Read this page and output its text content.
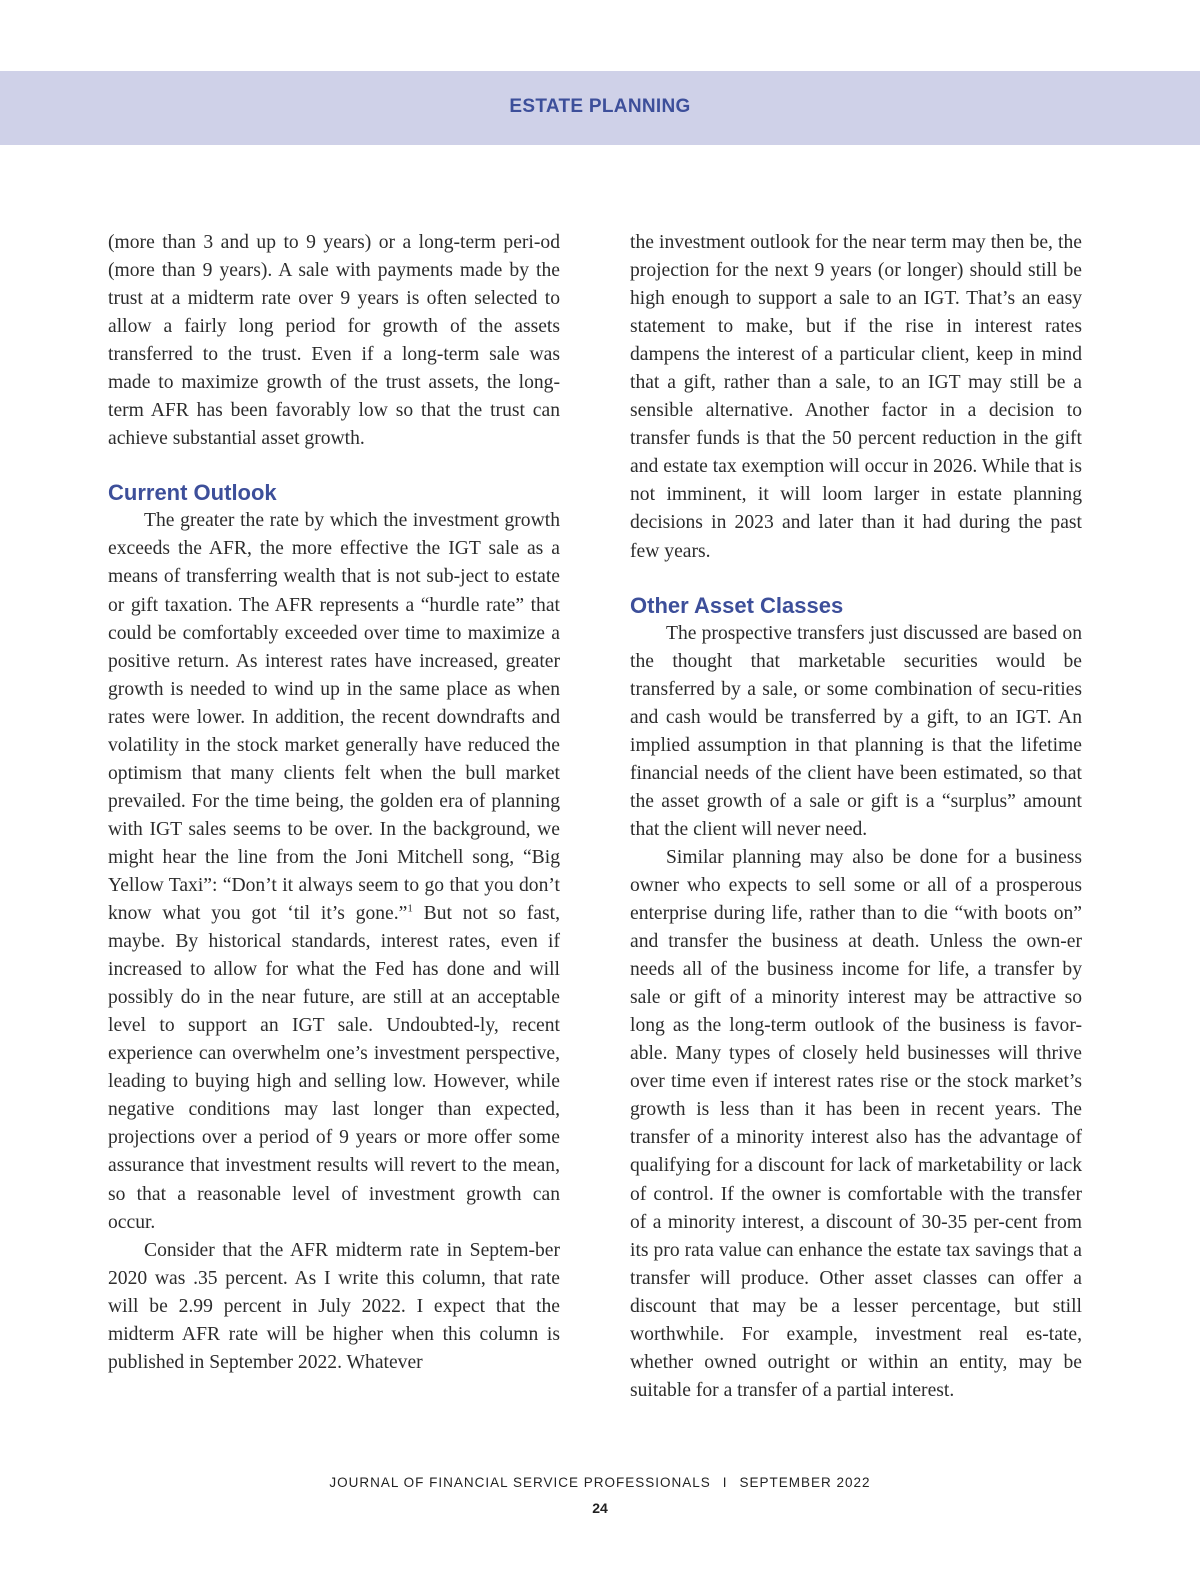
ESTATE PLANNING

(more than 3 and up to 9 years) or a long-term peri-od (more than 9 years). A sale with payments made by the trust at a midterm rate over 9 years is often selected to allow a fairly long period for growth of the assets transferred to the trust. Even if a long-term sale was made to maximize growth of the trust assets, the long-term AFR has been favorably low so that the trust can achieve substantial asset growth.

Current Outlook

The greater the rate by which the investment growth exceeds the AFR, the more effective the IGT sale as a means of transferring wealth that is not sub-ject to estate or gift taxation. The AFR represents a “hurdle rate” that could be comfortably exceeded over time to maximize a positive return. As interest rates have increased, greater growth is needed to wind up in the same place as when rates were lower. In addition, the recent downdrafts and volatility in the stock market generally have reduced the optimism that many clients felt when the bull market prevailed. For the time being, the golden era of planning with IGT sales seems to be over. In the background, we might hear the line from the Joni Mitchell song, “Big Yellow Taxi”: “Don’t it always seem to go that you don’t know what you got ‘til it’s gone.”$^1$ But not so fast, maybe. By historical standards, interest rates, even if increased to allow for what the Fed has done and will possibly do in the near future, are still at an acceptable level to support an IGT sale. Undoubted-ly, recent experience can overwhelm one’s investment perspective, leading to buying high and selling low. However, while negative conditions may last longer than expected, projections over a period of 9 years or more offer some assurance that investment results will revert to the mean, so that a reasonable level of investment growth can occur.

Consider that the AFR midterm rate in Septem-ber 2020 was .35 percent. As I write this column, that rate will be 2.99 percent in July 2022. I expect that the midterm AFR rate will be higher when this column is published in September 2022. Whatever

the investment outlook for the near term may then be, the projection for the next 9 years (or longer) should still be high enough to support a sale to an IGT. That’s an easy statement to make, but if the rise in interest rates dampens the interest of a particular client, keep in mind that a gift, rather than a sale, to an IGT may still be a sensible alternative. Another factor in a decision to transfer funds is that the 50 percent reduction in the gift and estate tax exemption will occur in 2026. While that is not imminent, it will loom larger in estate planning decisions in 2023 and later than it had during the past few years.

Other Asset Classes

The prospective transfers just discussed are based on the thought that marketable securities would be transferred by a sale, or some combination of secu-rities and cash would be transferred by a gift, to an IGT. An implied assumption in that planning is that the lifetime financial needs of the client have been estimated, so that the asset growth of a sale or gift is a “surplus” amount that the client will never need.

Similar planning may also be done for a business owner who expects to sell some or all of a prosperous enterprise during life, rather than to die “with boots on” and transfer the business at death. Unless the own-er needs all of the business income for life, a transfer by sale or gift of a minority interest may be attractive so long as the long-term outlook of the business is favor-able. Many types of closely held businesses will thrive over time even if interest rates rise or the stock market’s growth is less than it has been in recent years. The transfer of a minority interest also has the advantage of qualifying for a discount for lack of marketability or lack of control. If the owner is comfortable with the transfer of a minority interest, a discount of 30-35 per-cent from its pro rata value can enhance the estate tax savings that a transfer will produce. Other asset classes can offer a discount that may be a lesser percentage, but still worthwhile. For example, investment real es-tate, whether owned outright or within an entity, may be suitable for a transfer of a partial interest.

JOURNAL OF FINANCIAL SERVICE PROFESSIONALS I SEPTEMBER 2022
24
